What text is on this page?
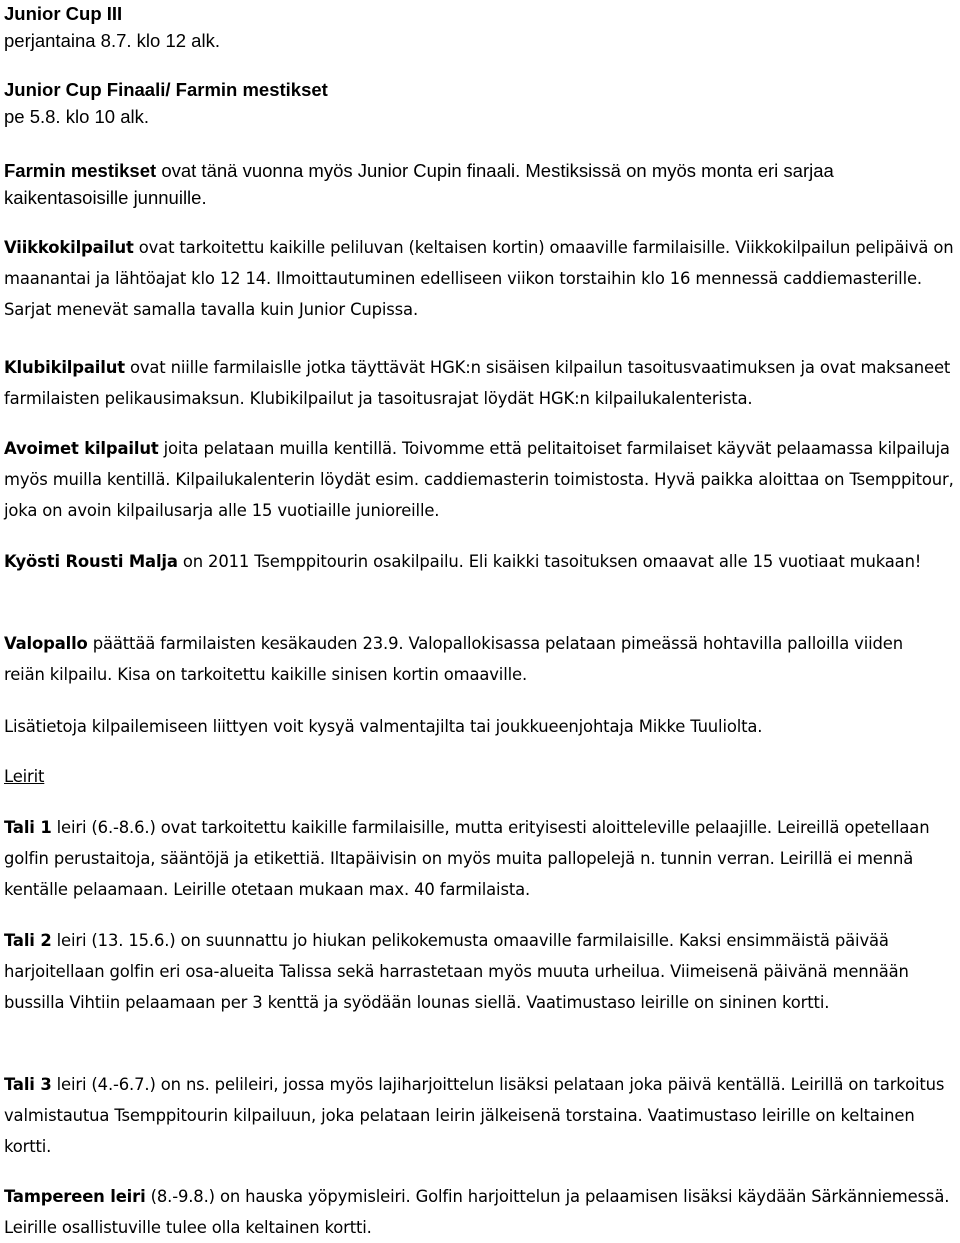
Junior Cup III

perjantaina 8.7. klo 12 alk.

Junior Cup Finaali/ Farmin mestikset

pe 5.8. klo 10 alk.

Farmin mestikset ovat tänä vuonna myös Junior Cupin finaali. Mestiksissä on myös monta eri sarjaa kaikentasoisille junnuille.

Viikkokilpailut ovat tarkoitettu kaikille peliluvan (keltaisen kortin) omaaville farmilaisille. Viikkokilpailun pelipäivä on maanantai ja lähtöajat klo 12 14. Ilmoittautuminen edelliseen viikon torstaihin klo 16 mennessä caddiemasterille. Sarjat menevät samalla tavalla kuin Junior Cupissa.

Klubikilpailut ovat niille farmilaislle jotka täyttävät HGK:n sisäisen kilpailun tasoitusvaatimuksen ja ovat maksaneet farmilaisten pelikausimaksun. Klubikilpailut ja tasoitusrajat löydät HGK:n kilpailukalenterista.

Avoimet kilpailut joita pelataan muilla kentillä. Toivomme että pelitaitoiset farmilaiset käyvät pelaamassa kilpailuja myös muilla kentillä. Kilpailukalenterin löydät esim. caddiemasterin toimistosta. Hyvä paikka aloittaa on Tsemppitour, joka on avoin kilpailusarja alle 15 vuotiaille junioreille.

Kyösti Rousti Malja on 2011 Tsemppitourin osakilpailu. Eli kaikki tasoituksen omaavat alle 15 vuotiaat mukaan!

Valopallo päättää farmilaisten kesäkauden 23.9. Valopallokisassa pelataan pimeässä hohtavilla palloilla viiden reiän kilpailu. Kisa on tarkoitettu kaikille sinisen kortin omaaville.

Lisätietoja kilpailemiseen liittyen voit kysyä valmentajilta tai joukkueenjohtaja Mikke Tuuliolta.

Leirit

Tali 1 leiri (6.-8.6.) ovat tarkoitettu kaikille farmilaisille, mutta erityisesti aloitteleville pelaajille. Leireillä opetellaan golfin perustaitoja, sääntöjä ja etikettiä. Iltapäivisin on myös muita pallopelejä n. tunnin verran. Leirillä ei mennä kentälle pelaamaan. Leirille otetaan mukaan max. 40 farmilaista.

Tali 2 leiri (13. 15.6.) on suunnattu jo hiukan pelikokemusta omaaville farmilaisille. Kaksi ensimmäistä päivää harjoitellaan golfin eri osa-alueita Talissa sekä harrastetaan myös muuta urheilua. Viimeisenä päivänä mennään bussilla Vihtiin pelaamaan per 3 kenttä ja syödään lounas siellä. Vaatimustaso leirille on sininen kortti.

Tali 3 leiri (4.-6.7.) on ns. pelileiri, jossa myös lajiharjoittelun lisäksi pelataan joka päivä kentällä. Leirillä on tarkoitus valmistautua Tsemppitourin kilpailuun, joka pelataan leirin jälkeisenä torstaina. Vaatimustaso leirille on keltainen kortti.

Tampereen leiri (8.-9.8.) on hauska yöpymisleiri. Golfin harjoittelun ja pelaamisen lisäksi käydään Särkänniemessä. Leirille osallistuville tulee olla keltainen kortti.
